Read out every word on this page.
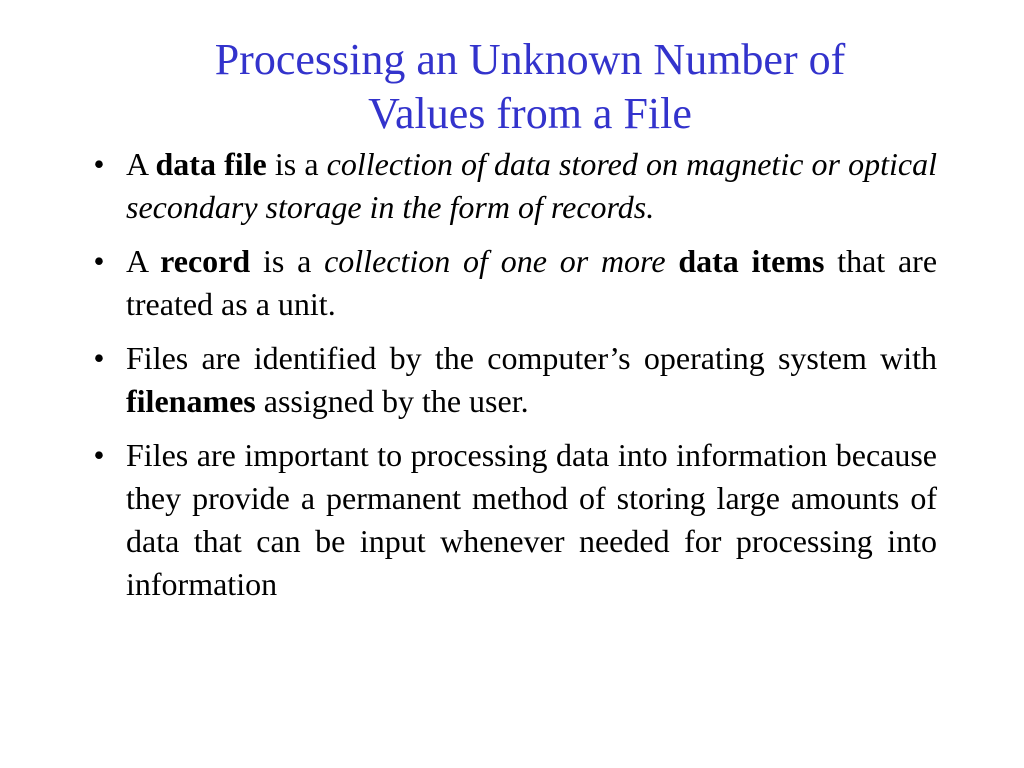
Processing an Unknown Number of
Values from a File
• A data file is a collection of data stored on magnetic or optical secondary storage in the form of records.
• A record is a collection of one or more data items that are treated as a unit.
• Files are identified by the computer’s operating system with filenames assigned by the user.
• Files are important to processing data into information because they provide a permanent method of storing large amounts of data that can be input whenever needed for processing into information
